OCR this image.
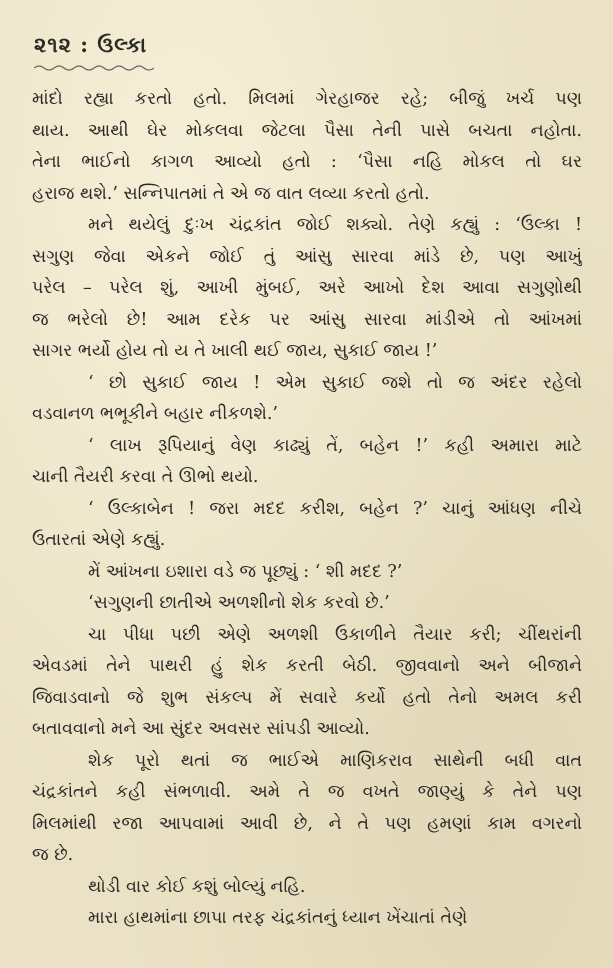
૨૧૨ : ઉલ્કા
માંદો રહ્યા કરતો હતો. મિલમાં ગેરહાજર રહે; બીજું ખર્ચ પણ
થાય. આથી ઘેર મોકલવા જેટલા પૈસા તેની પાસે બચતા નહોતા.
તેના ભાઈનો કાગળ આવ્યો હતો : ‘પૈસા નહિ મોકલ તો ઘર
હરાજ થશે.’ સન્નિપાતમાં તે એ જ વાત લવ્યા કરતો હતો.
મને થયેલું દુઃખ ચંદ્રકાંત જોઈ શક્યો. તેણે કહ્યું : ‘ઉલ્કા !
સગુણ જેવા એકને જોઈ તું આંસુ સારવા માંડે છે, પણ આખું
પરેલ – પરેલ શું, આખી મુંબઈ, અરે આખો દેશ આવા સગુણોથી
જ ભરેલો છે! આમ દરેક પર આંસુ સારવા માંડીએ તો આંખમાં
સાગર ભર્યો હોય તો ય તે ખાલી થઈ જાય, સુકાઈ જાય !’
‘ છો સુકાઈ જાય ! એમ સુકાઈ જશે તો જ અંદર રહેલો
વડવાનળ ભભૂકીને બહાર નીકળશે.’
‘ લાખ રૂપિયાનું વેણ કાઢ્યું તેં, બહેન !’ કહી અમારા માટે
ચાની તૈયરી કરવા તે ઊભો થયો.
‘ ઉલ્કાબેન ! જરા મદદ કરીશ, બહેન ?’ ચાનું આંધણ નીચે
ઉતારતાં એણે કહ્યું.
મેં આંખના ઇશારા વડે જ પૂછ્યું : ‘ શી મદદ ?’
‘સગુણની છાતીએ અળશીનો શેક કરવો છે.’
ચા પીધા પછી એણે અળશી ઉકાળીને તૈયાર કરી; ચીંથરાંની
એવડમાં તેને પાથરી હું શેક કરતી બેઠી. જીવવાનો અને બીજાને
જિવાડવાનો જે શુભ સંકલ્પ મેં સવારે કર્યો હતો તેનો અમલ કરી
બતાવવાનો મને આ સુંદર અવસર સાંપડી આવ્યો.
શેક પૂરો થતાં જ ભાઈએ માણિકરાવ સાથેની બધી વાત
ચંદ્રકાંતને કહી સંભળાવી. અમે તે જ વખતે જાણ્યું કે તેને પણ
મિલમાંથી રજા આપવામાં આવી છે, ને તે પણ હમણાં કામ વગરનો
જ છે.
થોડી વાર કોઈ કશું બોલ્યું નહિ.
મારા હાથમાંના છાપા તરફ ચંદ્રકાંતનું ધ્યાન ખેંચાતાં તેણે
